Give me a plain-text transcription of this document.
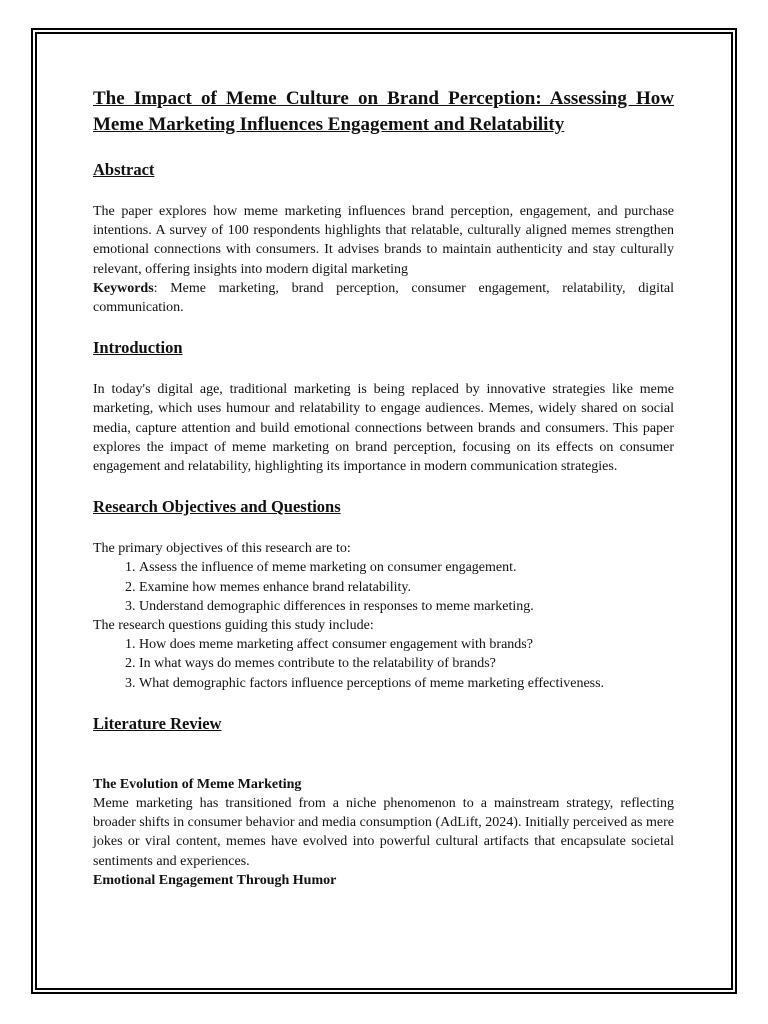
The Impact of Meme Culture on Brand Perception: Assessing How Meme Marketing Influences Engagement and Relatability
Abstract

The paper explores how meme marketing influences brand perception, engagement, and purchase intentions. A survey of 100 respondents highlights that relatable, culturally aligned memes strengthen emotional connections with consumers. It advises brands to maintain authenticity and stay culturally relevant, offering insights into modern digital marketing

Keywords: Meme marketing, brand perception, consumer engagement, relatability, digital communication.

Introduction

In today's digital age, traditional marketing is being replaced by innovative strategies like meme marketing, which uses humour and relatability to engage audiences. Memes, widely shared on social media, capture attention and build emotional connections between brands and consumers. This paper explores the impact of meme marketing on brand perception, focusing on its effects on consumer engagement and relatability, highlighting its importance in modern communication strategies.

Research Objectives and Questions

The primary objectives of this research are to:

1. Assess the influence of meme marketing on consumer engagement.
2. Examine how memes enhance brand relatability.
3. Understand demographic differences in responses to meme marketing.

The research questions guiding this study include:

1. How does meme marketing affect consumer engagement with brands?
2. In what ways do memes contribute to the relatability of brands?
3. What demographic factors influence perceptions of meme marketing effectiveness.
Literature Review

The Evolution of Meme Marketing

Meme marketing has transitioned from a niche phenomenon to a mainstream strategy, reflecting broader shifts in consumer behavior and media consumption (AdLift, 2024). Initially perceived as mere jokes or viral content, memes have evolved into powerful cultural artifacts that encapsulate societal sentiments and experiences.

Emotional Engagement Through Humor
